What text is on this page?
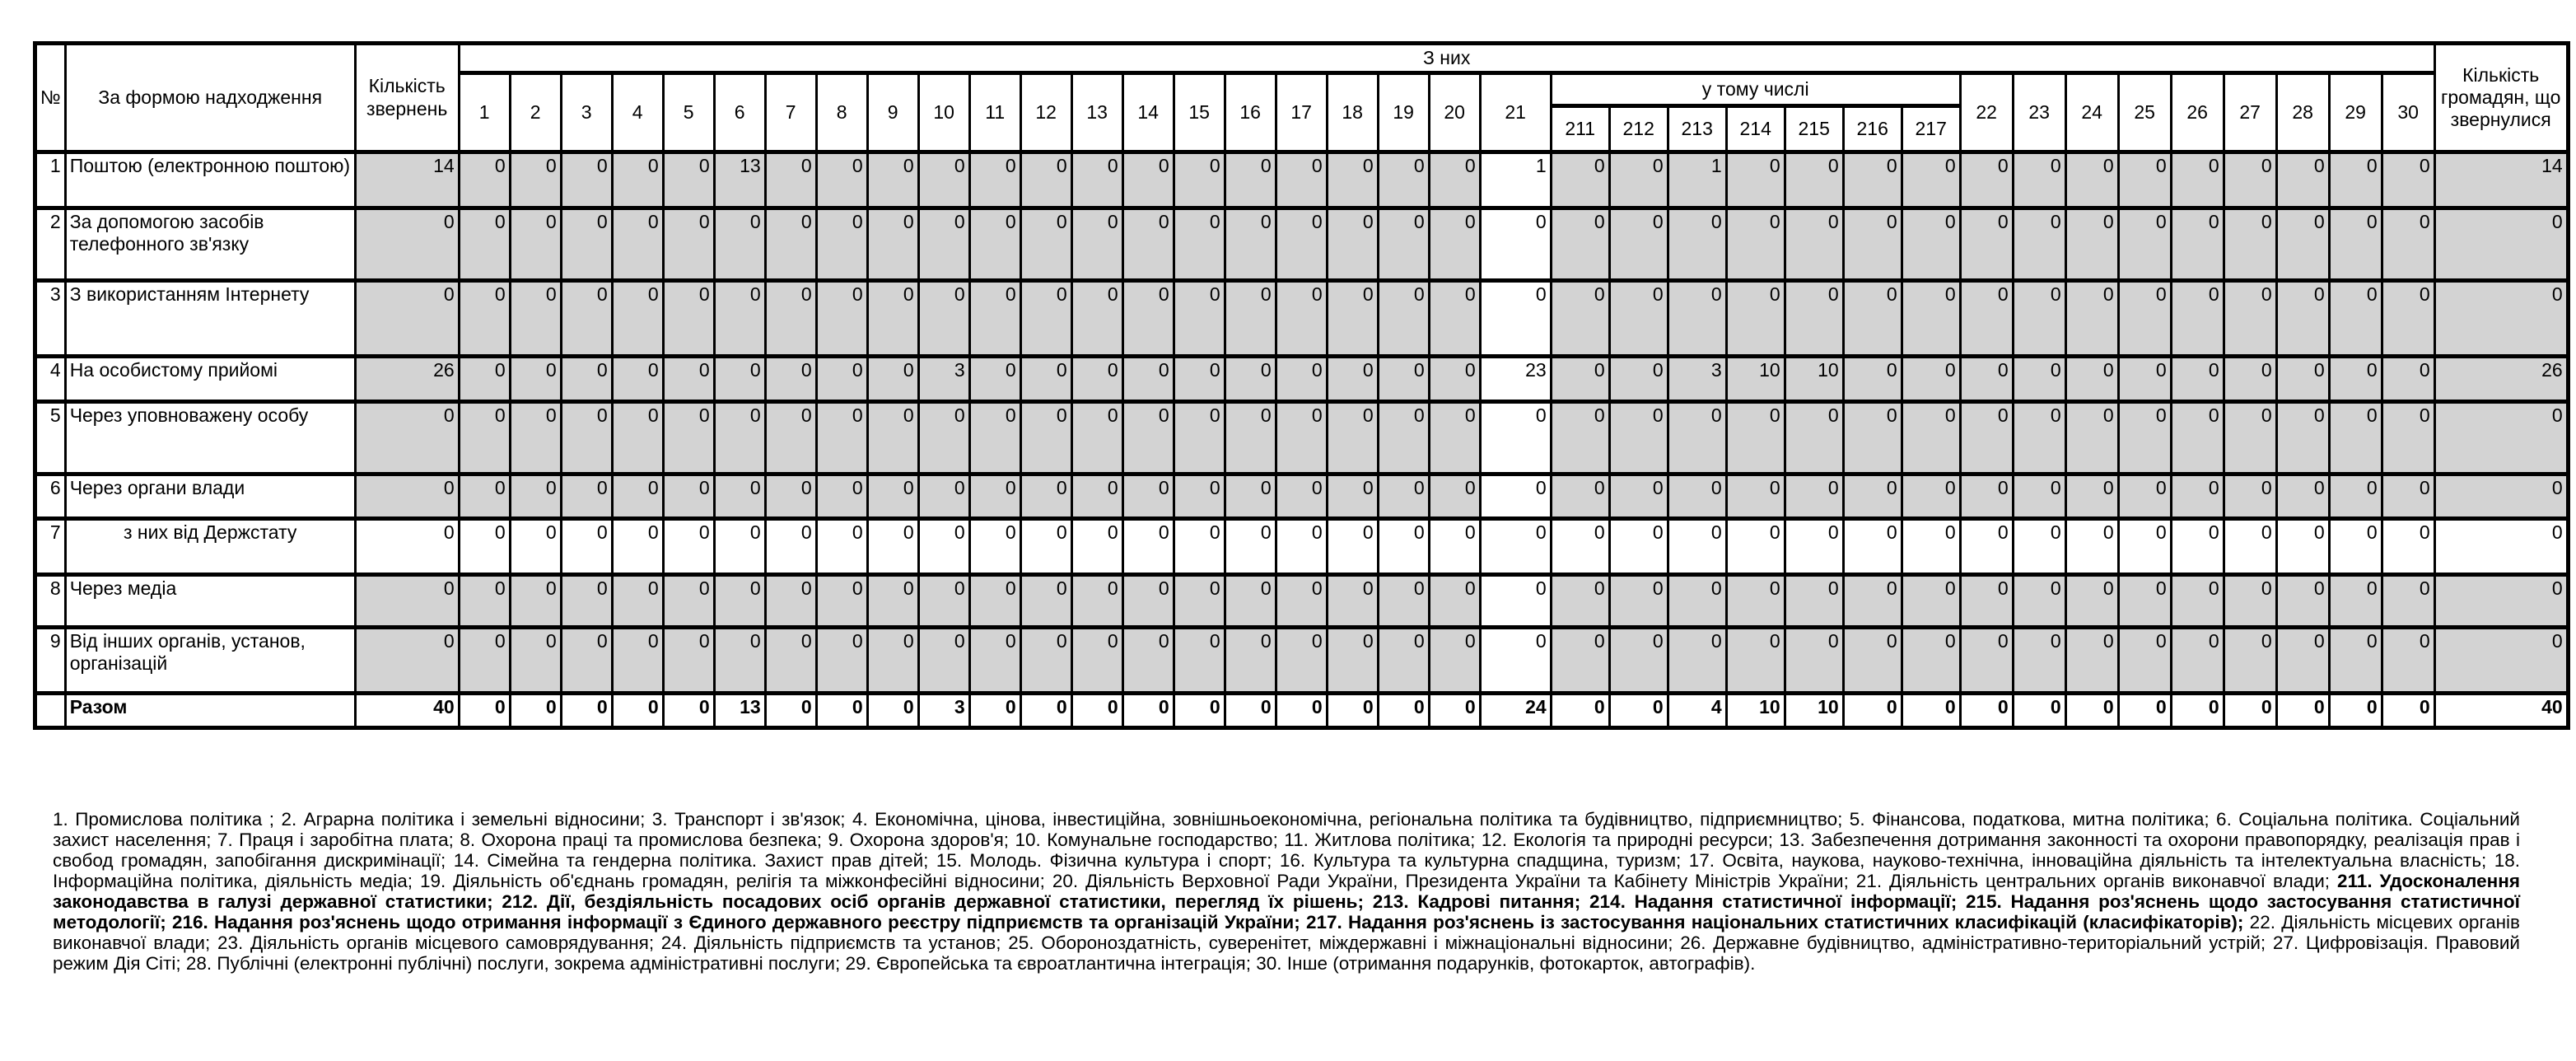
№	За формою надходження	Кількість звернень	З них																																					Кількість громадян, що звернулися
			1	2	3	4	5	6	7	8	9	10	11	12	13	14	15	16	17	18	19	20	21	у тому числі							22	23	24	25	26	27	28	29	30	
																								211	212	213	214	215	216	217										
1	Поштою (електронною поштою)	14	0	0	0	0	0	13	0	0	0	0	0	0	0	0	0	0	0	0	0	0	1	0	0	1	0	0	0	0	0	0	0	0	0	0	0	0	0	14
2	За допомогою засобів телефонного зв'язку	0	0	0	0	0	0	0	0	0	0	0	0	0	0	0	0	0	0	0	0	0	0	0	0	0	0	0	0	0	0	0	0	0	0	0	0	0	0	0
3	З використанням Інтернету	0	0	0	0	0	0	0	0	0	0	0	0	0	0	0	0	0	0	0	0	0	0	0	0	0	0	0	0	0	0	0	0	0	0	0	0	0	0	0
4	На особистому прийомі	26	0	0	0	0	0	0	0	0	0	3	0	0	0	0	0	0	0	0	0	0	23	0	0	3	10	10	0	0	0	0	0	0	0	0	0	0	0	26
5	Через уповноважену особу	0	0	0	0	0	0	0	0	0	0	0	0	0	0	0	0	0	0	0	0	0	0	0	0	0	0	0	0	0	0	0	0	0	0	0	0	0	0	0
6	Через органи влади	0	0	0	0	0	0	0	0	0	0	0	0	0	0	0	0	0	0	0	0	0	0	0	0	0	0	0	0	0	0	0	0	0	0	0	0	0	0	0
7	з них від Держстату	0	0	0	0	0	0	0	0	0	0	0	0	0	0	0	0	0	0	0	0	0	0	0	0	0	0	0	0	0	0	0	0	0	0	0	0	0	0	0
8	Через медіа	0	0	0	0	0	0	0	0	0	0	0	0	0	0	0	0	0	0	0	0	0	0	0	0	0	0	0	0	0	0	0	0	0	0	0	0	0	0	0
9	Від інших органів, установ, організацій	0	0	0	0	0	0	0	0	0	0	0	0	0	0	0	0	0	0	0	0	0	0	0	0	0	0	0	0	0	0	0	0	0	0	0	0	0	0	0
	Разом	40	0	0	0	0	0	13	0	0	0	3	0	0	0	0	0	0	0	0	0	0	24	0	0	4	10	10	0	0	0	0	0	0	0	0	0	0	0	40
1. Промислова політика ; 2. Аграрна політика і земельні відносини; 3. Транспорт і зв'язок; 4. Економічна, цінова, інвестиційна, зовнішньоекономічна, регіональна політика та будівництво, підприємництво; 5. Фінансова, податкова, митна політика; 6. Соціальна політика. Соціальний захист населення; 7. Праця і заробітна плата; 8. Охорона праці та промислова безпека; 9. Охорона здоров'я; 10. Комунальне господарство; 11. Житлова політика; 12. Екологія та природні ресурси; 13. Забезпечення дотримання законності та охорони правопорядку, реалізація прав і свобод громадян, запобігання дискримінації; 14. Сімейна та гендерна політика. Захист прав дітей; 15. Молодь. Фізична культура і спорт; 16. Культура та культурна спадщина, туризм; 17. Освіта, наукова, науково-технічна, інноваційна діяльність та інтелектуальна власність; 18. Інформаційна політика, діяльність медіа; 19. Діяльність об'єднань громадян, релігія та міжконфесійні відносини; 20. Діяльність Верховної Ради України, Президента України та Кабінету Міністрів України; 21. Діяльність центральних органів виконавчої влади; 211. Удосконалення законодавства в галузі державної статистики; 212. Дії, бездіяльність посадових осіб органів державної статистики, перегляд їх рішень; 213. Кадрові питання; 214. Надання статистичної інформації; 215. Надання роз'яснень щодо застосування статистичної методології; 216. Надання роз'яснень щодо отримання інформації з Єдиного державного реєстру підприємств та організацій України; 217. Надання роз'яснень із застосування національних статистичних класифікацій (класифікаторів); 22. Діяльність місцевих органів виконавчої влади; 23. Діяльність органів місцевого самоврядування; 24. Діяльність підприємств та установ; 25. Обороноздатність, суверенітет, міждержавні і міжнаціональні відносини; 26. Державне будівництво, адміністративно-територіальний устрій; 27. Цифровізація. Правовий режим Дія Сіті; 28. Публічні (електронні публічні) послуги, зокрема адміністративні послуги; 29. Європейська та євроатлантична інтеграція; 30. Інше (отримання подарунків, фотокарток, автографів).
